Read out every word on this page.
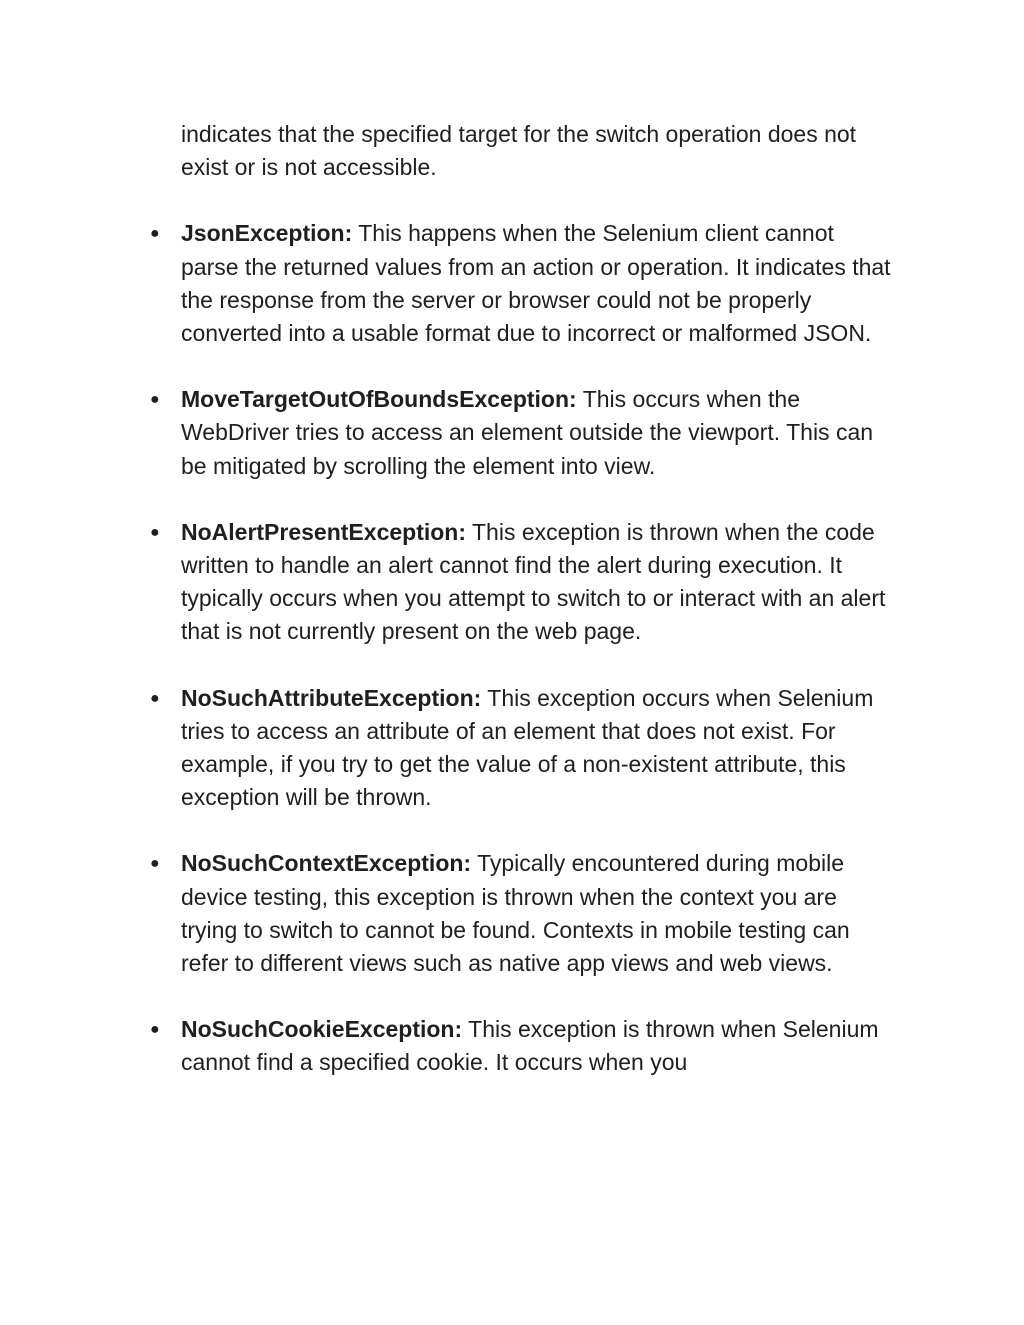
indicates that the specified target for the switch operation does not exist or is not accessible.

● JsonException: This happens when the Selenium client cannot parse the returned values from an action or operation. It indicates that the response from the server or browser could not be properly converted into a usable format due to incorrect or malformed JSON.
● MoveTargetOutOfBoundsException: This occurs when the WebDriver tries to access an element outside the viewport. This can be mitigated by scrolling the element into view.
● NoAlertPresentException: This exception is thrown when the code written to handle an alert cannot find the alert during execution. It typically occurs when you attempt to switch to or interact with an alert that is not currently present on the web page.
● NoSuchAttributeException: This exception occurs when Selenium tries to access an attribute of an element that does not exist. For example, if you try to get the value of a non-existent attribute, this exception will be thrown.
● NoSuchContextException: Typically encountered during mobile device testing, this exception is thrown when the context you are trying to switch to cannot be found. Contexts in mobile testing can refer to different views such as native app views and web views.
● NoSuchCookieException: This exception is thrown when Selenium cannot find a specified cookie. It occurs when you
